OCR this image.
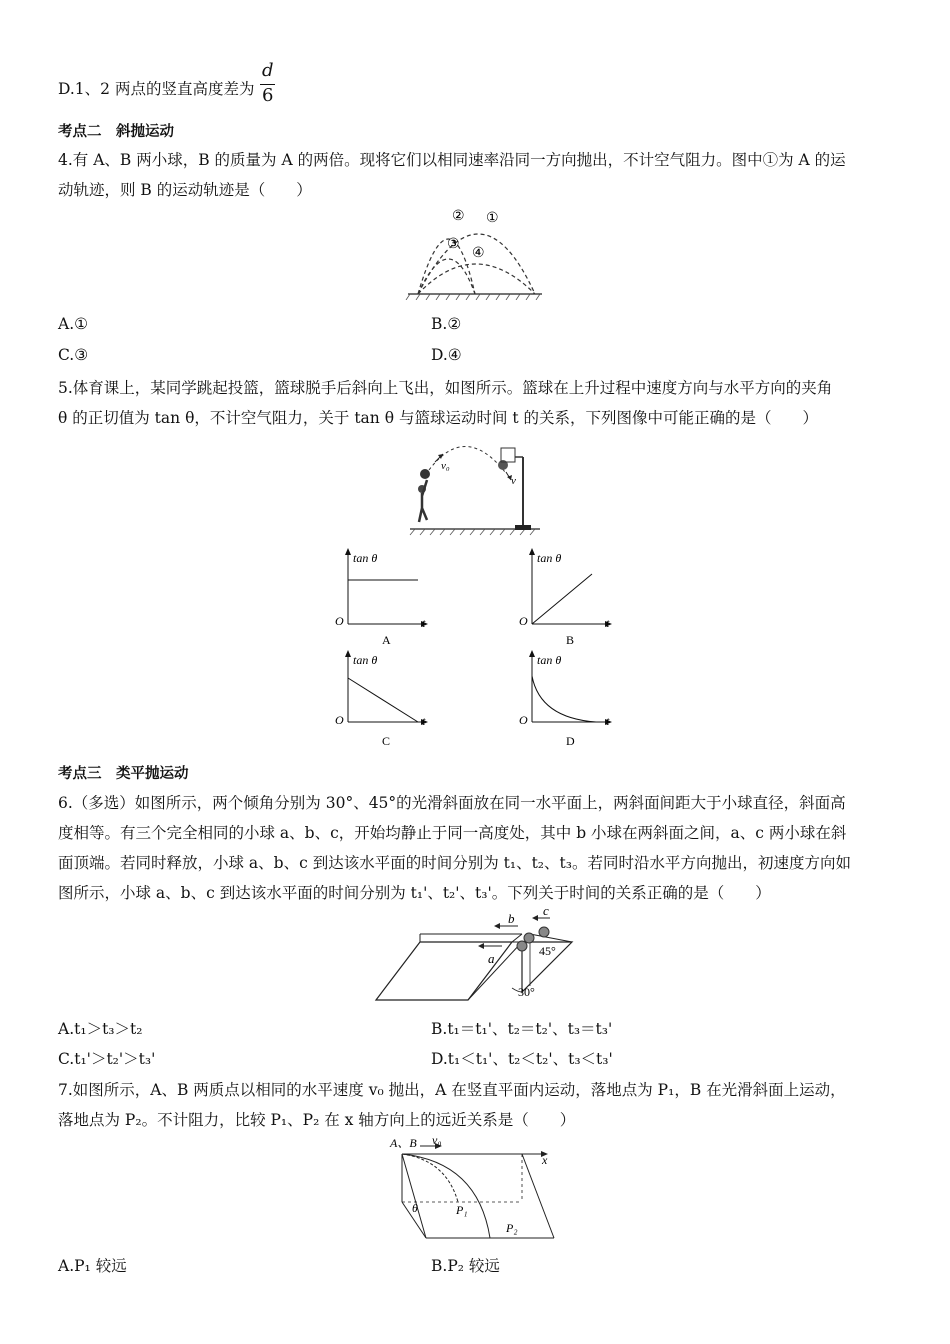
D.1、2 两点的竖直高度差为
d
6
考点二　斜抛运动
4.有 A、B 两小球，B 的质量为 A 的两倍。现将它们以相同速率沿同一方向抛出，不计空气阻力。图中①为 A 的运
动轨迹，则 B 的运动轨迹是（　　）
② ①
③
④
A.①	B.②
C.③	D.④
5.体育课上，某同学跳起投篮，篮球脱手后斜向上飞出，如图所示。篮球在上升过程中速度方向与水平方向的夹角
θ 的正切值为 tan θ，不计空气阻力，关于 tan θ 与篮球运动时间 t 的关系，下列图像中可能正确的是（　　）
v₀
v
tan θ
O	t
A
tan θ
O	t
B
tan θ
O	t
C
tan θ
O	t
D
考点三　类平抛运动
6.（多选）如图所示，两个倾角分别为 30°、45°的光滑斜面放在同一水平面上，两斜面间距大于小球直径，斜面高
度相等。有三个完全相同的小球 a、b、c，开始均静止于同一高度处，其中 b 小球在两斜面之间，a、c 两小球在斜
面顶端。若同时释放，小球 a、b、c 到达该水平面的时间分别为 t₁、t₂、t₃。若同时沿水平方向抛出，初速度方向如
图所示，小球 a、b、c 到达该水平面的时间分别为 t₁'、t₂'、t₃'。下列关于时间的关系正确的是（　　）
b
c
a	45°
30°
A.t₁＞t₃＞t₂	B.t₁＝t₁'、t₂＝t₂'、t₃＝t₃'
C.t₁'＞t₂'＞t₃'	D.t₁＜t₁'、t₂＜t₂'、t₃＜t₃'
7.如图所示，A、B 两质点以相同的水平速度 v₀ 抛出，A 在竖直平面内运动，落地点为 P₁，B 在光滑斜面上运动，
落地点为 P₂。不计阻力，比较 P₁、P₂ 在 x 轴方向上的远近关系是（　　）
A、B v₀
x
θ	P₁
P₂
A.P₁ 较远	B.P₂ 较远
